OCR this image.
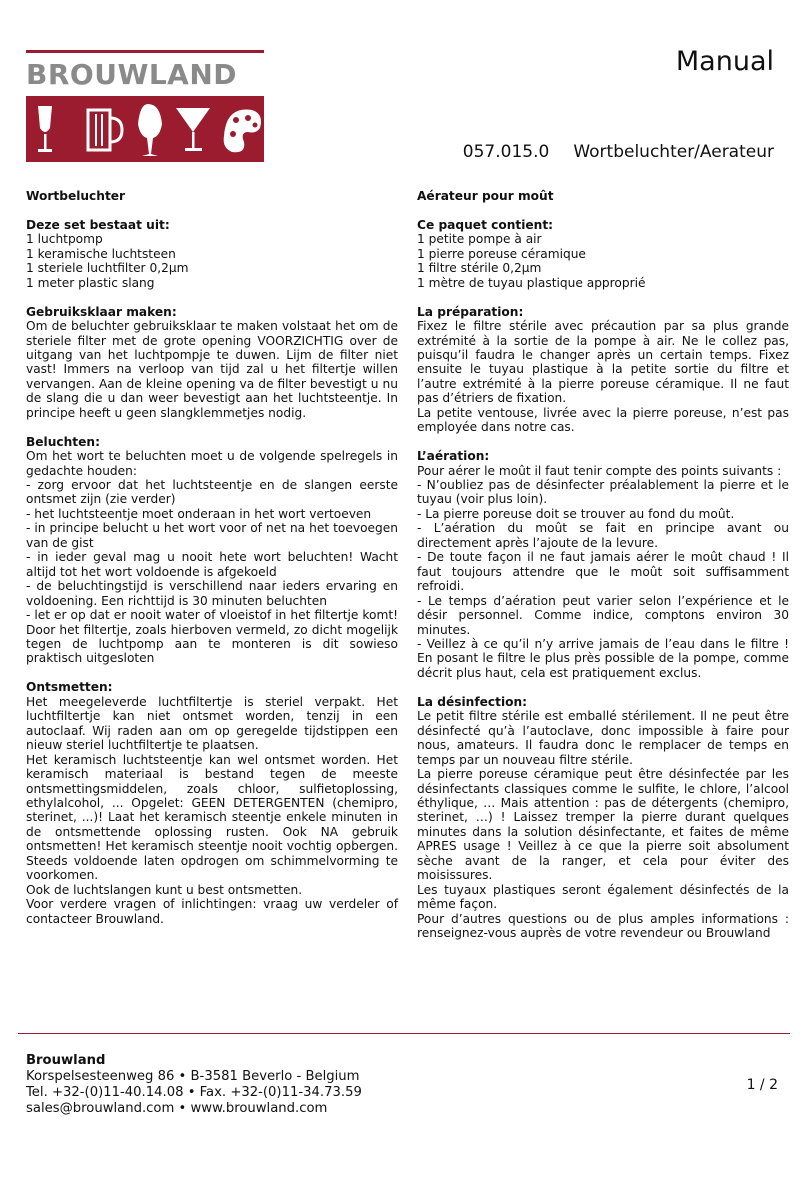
BROUWLAND	Manual
057.015.0 Wortbeluchter/Aerateur
Wortbeluchter
Deze set bestaat uit:

1 luchtpomp

1 keramische luchtsteen

1 steriele luchtfilter 0,2µm

1 meter plastic slang

Gebruiksklaar maken:

Om de beluchter gebruiksklaar te maken volstaat het om de steriele filter met de grote opening VOORZICHTIG over de uitgang van het luchtpompje te duwen. Lijm de filter niet vast! Immers na verloop van tijd zal u het filtertje willen vervangen. Aan de kleine opening va de filter bevestigt u nu de slang die u dan weer bevestigt aan het luchtsteentje. In principe heeft u geen slangklemmetjes nodig.

Beluchten:

Om het wort te beluchten moet u de volgende spelregels in gedachte houden:

- zorg ervoor dat het luchtsteentje en de slangen eerste ontsmet zijn (zie verder)

- het luchtsteentje moet onderaan in het wort vertoeven

- in principe belucht u het wort voor of net na het toevoegen van de gist

- in ieder geval mag u nooit hete wort beluchten! Wacht altijd tot het wort voldoende is afgekoeld

- de beluchtingstijd is verschillend naar ieders ervaring en voldoening. Een richttijd is 30 minuten beluchten

- let er op dat er nooit water of vloeistof in het filtertje komt! Door het filtertje, zoals hierboven vermeld, zo dicht mogelijk tegen de luchtpomp aan te monteren is dit sowieso praktisch uitgesloten

Ontsmetten:

Het meegeleverde luchtfiltertje is steriel verpakt. Het luchtfiltertje kan niet ontsmet worden, tenzij in een autoclaaf. Wij raden aan om op geregelde tijdstippen een nieuw steriel luchtfiltertje te plaatsen.

Het keramisch luchtsteentje kan wel ontsmet worden. Het keramisch materiaal is bestand tegen de meeste ontsmettingsmiddelen, zoals chloor, sulfietoplossing, ethylalcohol, ... Opgelet: GEEN DETERGENTEN (chemipro, sterinet, ...)! Laat het keramisch steentje enkele minuten in de ontsmettende oplossing rusten. Ook NA gebruik ontsmetten! Het keramisch steentje nooit vochtig opbergen. Steeds voldoende laten opdrogen om schimmelvorming te voorkomen.

Ook de luchtslangen kunt u best ontsmetten.

Voor verdere vragen of inlichtingen: vraag uw verdeler of contacteer Brouwland.

Aérateur pour moût
Ce paquet contient:

1 petite pompe à air

1 pierre poreuse céramique

1 filtre stérile 0,2µm

1 mètre de tuyau plastique approprié

La préparation:

Fixez le filtre stérile avec précaution par sa plus grande extrémité à la sortie de la pompe à air. Ne le collez pas, puisqu’il faudra le changer après un certain temps. Fixez ensuite le tuyau plastique à la petite sortie du filtre et l’autre extrémité à la pierre poreuse céramique. Il ne faut pas d’étriers de fixation.

La petite ventouse, livrée avec la pierre poreuse, n’est pas employée dans notre cas.

L’aération:

Pour aérer le moût il faut tenir compte des points suivants :

- N’oubliez pas de désinfecter préalablement la pierre et le tuyau (voir plus loin).

- La pierre poreuse doit se trouver au fond du moût.

- L’aération du moût se fait en principe avant ou directement après l’ajoute de la levure.

- De toute façon il ne faut jamais aérer le moût chaud ! Il faut toujours attendre que le moût soit suffisamment refroidi.

- Le temps d’aération peut varier selon l’expérience et le désir personnel. Comme indice, comptons environ 30 minutes.

- Veillez à ce qu’il n’y arrive jamais de l’eau dans le filtre ! En posant le filtre le plus près possible de la pompe, comme décrit plus haut, cela est pratiquement exclus.

La désinfection:

Le petit filtre stérile est emballé stérilement. Il ne peut être désinfecté qu’à l’autoclave, donc impossible à faire pour nous, amateurs. Il faudra donc le remplacer de temps en temps par un nouveau filtre stérile.

La pierre poreuse céramique peut être désinfectée par les désinfectants classiques comme le sulfite, le chlore, l’alcool éthylique, … Mais attention : pas de détergents (chemipro, sterinet, …) ! Laissez tremper la pierre durant quelques minutes dans la solution désinfectante, et faites de même APRES usage ! Veillez à ce que la pierre soit absolument sèche avant de la ranger, et cela pour éviter des moisissures.

Les tuyaux plastiques seront également désinfectés de la même façon.

Pour d’autres questions ou de plus amples informations : renseignez-vous auprès de votre revendeur ou Brouwland

Brouwland
Korspelsesteenweg 86 • B-3581 Beverlo - Belgium
Tel. +32-(0)11-40.14.08 • Fax. +32-(0)11-34.73.59
sales@brouwland.com • www.brouwland.com
1 / 2
